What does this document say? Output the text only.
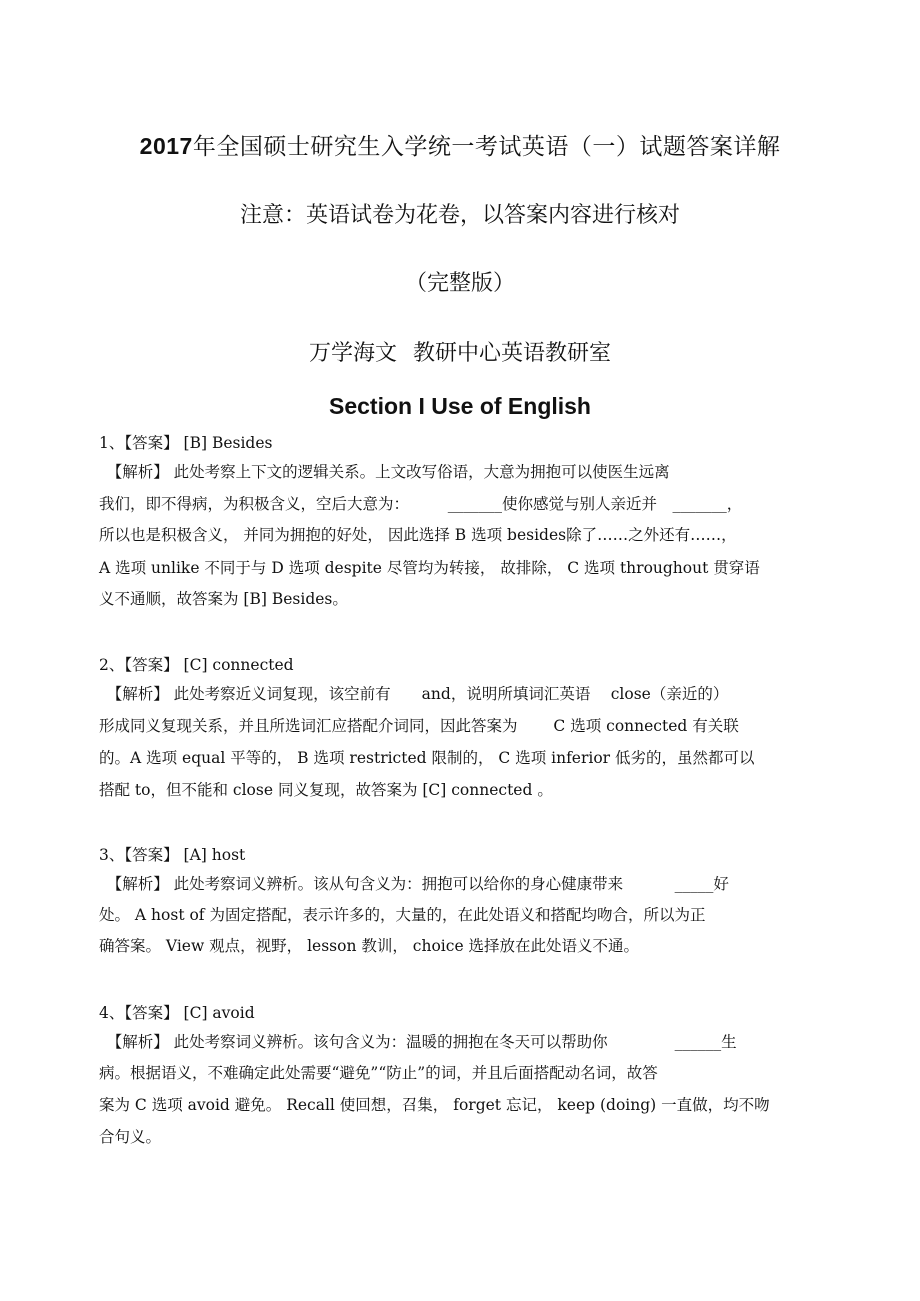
2017年全国硕士研究生入学统一考试英语（一）试题答案详解
注意：英语试卷为花卷，以答案内容进行核对
（完整版）
万学海文 教研中心英语教研室
Section I Use of English
1、【答案】 [B] Besides
　【解析】 此处考察上下文的逻辑关系。上文改写俗语，大意为拥抱可以使医生远离
我们，即不得病，为积极含义，空后大意为：　　　_______使你感觉与别人亲近并　_______，
所以也是积极含义， 并同为拥抱的好处， 因此选择 B 选项 besides除了……之外还有……，
A 选项 unlike 不同于与 D 选项 despite 尽管均为转接， 故排除， C 选项 throughout 贯穿语
义不通顺，故答案为 [B] Besides。
2、【答案】 [C] connected
　【解析】 此处考察近义词复现，该空前有　　and，说明所填词汇英语　 close（亲近的）
形成同义复现关系，并且所选词汇应搭配介词同，因此答案为　　 C 选项 connected 有关联
的。A 选项 equal 平等的， B 选项 restricted 限制的， C 选项 inferior 低劣的，虽然都可以
搭配 to，但不能和 close 同义复现，故答案为 [C] connected 。
3、【答案】 [A] host
　【解析】 此处考察词义辨析。该从句含义为：拥抱可以给你的身心健康带来　　　 _____好
处。 A host of 为固定搭配，表示许多的，大量的，在此处语义和搭配均吻合，所以为正
确答案。 View 观点，视野， lesson 教训， choice 选择放在此处语义不通。
4、【答案】 [C] avoid
　【解析】 此处考察词义辨析。该句含义为：温暖的拥抱在冬天可以帮助你　　　　 ______生
病。根据语义，不难确定此处需要“避免”“防止”的词，并且后面搭配动名词，故答
案为 C 选项 avoid 避免。 Recall 使回想，召集， forget 忘记， keep (doing) 一直做，均不吻
合句义。
